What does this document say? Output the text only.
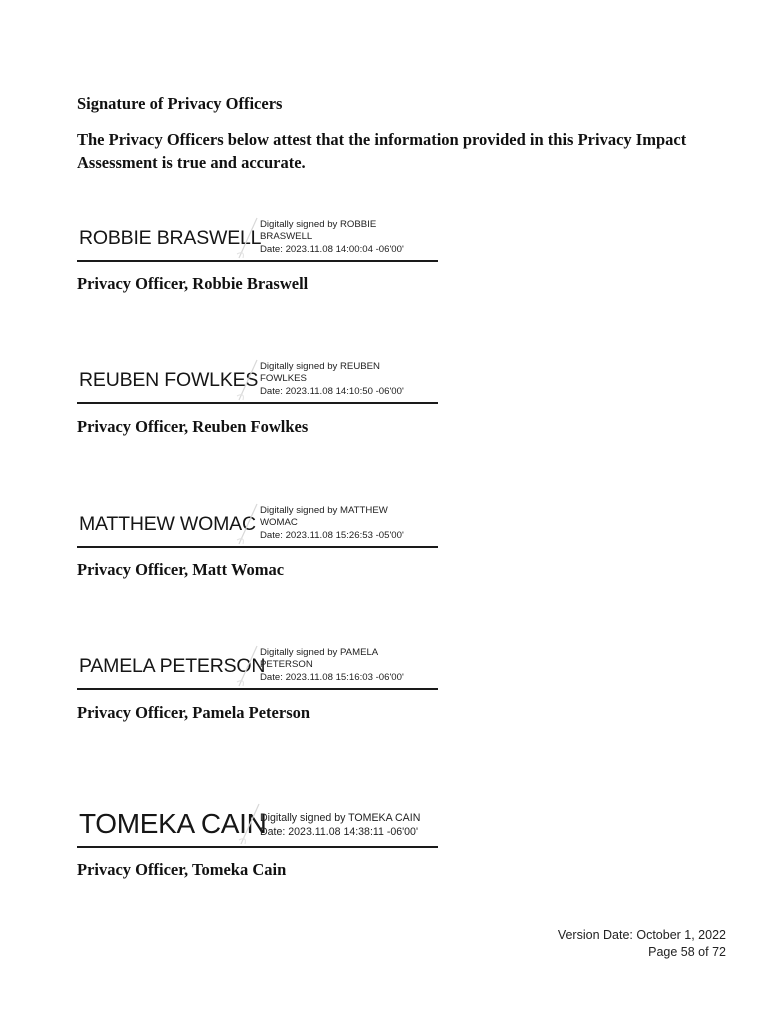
Signature of Privacy Officers
The Privacy Officers below attest that the information provided in this Privacy Impact Assessment is true and accurate.
ROBBIE BRASWELL
Digitally signed by ROBBIE
BRASWELL
Date: 2023.11.08 14:00:04 -06'00'
Privacy Officer, Robbie Braswell
REUBEN FOWLKES
Digitally signed by REUBEN
FOWLKES
Date: 2023.11.08 14:10:50 -06'00'
Privacy Officer, Reuben Fowlkes
MATTHEW WOMAC
Digitally signed by MATTHEW
WOMAC
Date: 2023.11.08 15:26:53 -05'00'
Privacy Officer, Matt Womac
PAMELA PETERSON
Digitally signed by PAMELA
PETERSON
Date: 2023.11.08 15:16:03 -06'00'
Privacy Officer, Pamela Peterson
TOMEKA CAIN
Digitally signed by TOMEKA CAIN
Date: 2023.11.08 14:38:11 -06'00'
Privacy Officer, Tomeka Cain
Version Date: October 1, 2022
Page 58 of 72
